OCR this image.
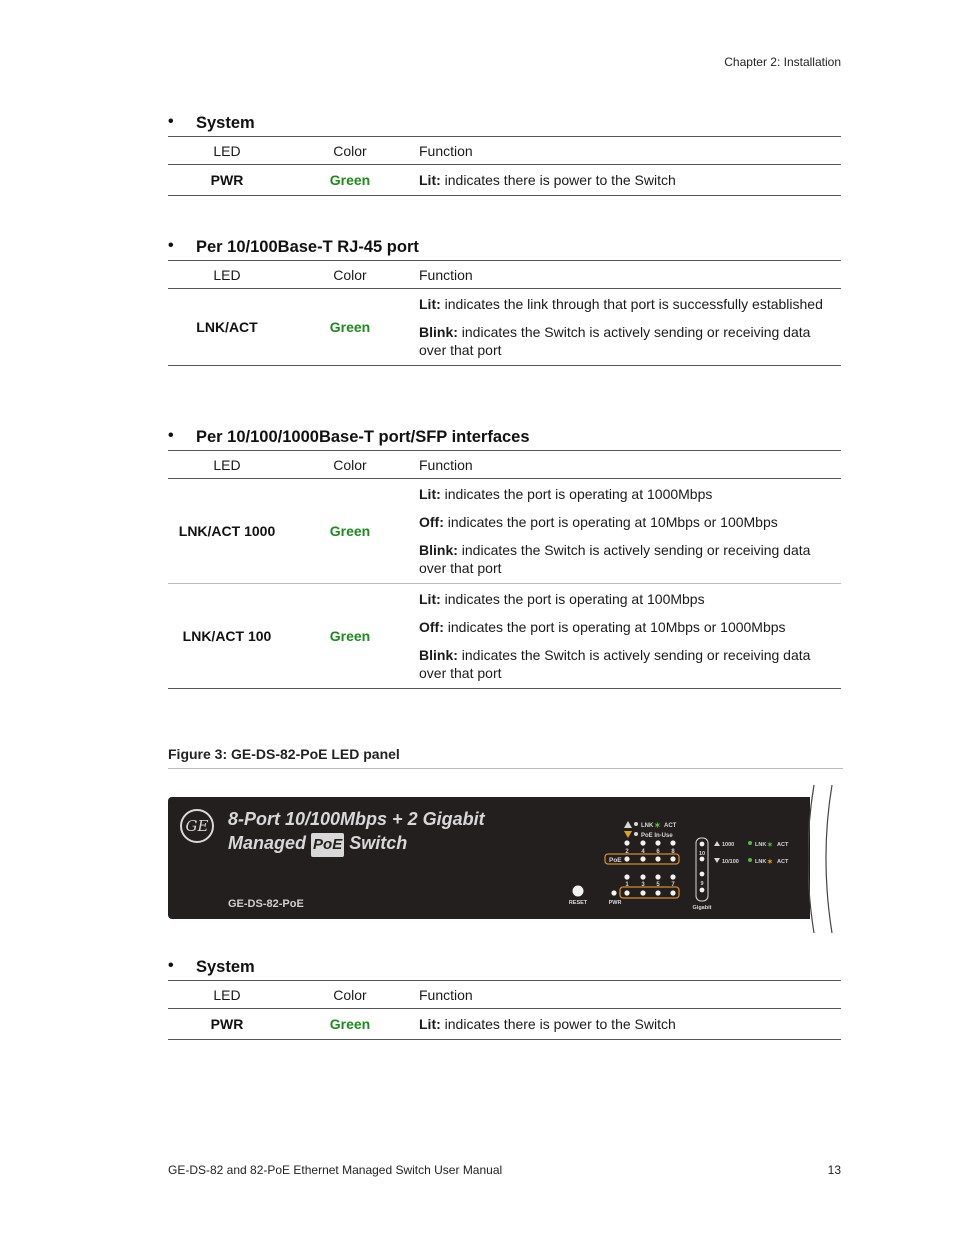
Chapter 2: Installation
• System
LED	Color	Function
PWR	Green	Lit: indicates there is power to the Switch

• Per 10/100Base-T RJ-45 port
LED	Color	Function
LNK/ACT	Green	Lit: indicates the link through that port is successfully established

Blink: indicates the Switch is actively sending or receiving data over that port

• Per 10/100/1000Base-T port/SFP interfaces
LED	Color	Function
LNK/ACT 1000	Green	Lit: indicates the port is operating at 1000Mbps

Off: indicates the port is operating at 10Mbps or 100Mbps

Blink: indicates the Switch is actively sending or receiving data over that port

LNK/ACT 100	Green	Lit: indicates the port is operating at 100Mbps

Off: indicates the port is operating at 10Mbps or 1000Mbps

Blink: indicates the Switch is actively sending or receiving data over that port

Figure 3: GE-DS-82-PoE LED panel
GE	8-Port 10/100Mbps + 2 Gigabit
Managed PoE Switch
GE-DS-82-PoE
LNK ✶ ACT
PoE In-Use
2 4 6 8
PoE
1 3 5 7
RESET	PWR
10
9
Gigabit
1000	LNK ✶ ACT
10/100	LNK ✶ ACT
• System
LED	Color	Function
PWR	Green	Lit: indicates there is power to the Switch

GE-DS-82 and 82-PoE Ethernet Managed Switch User Manual	13
